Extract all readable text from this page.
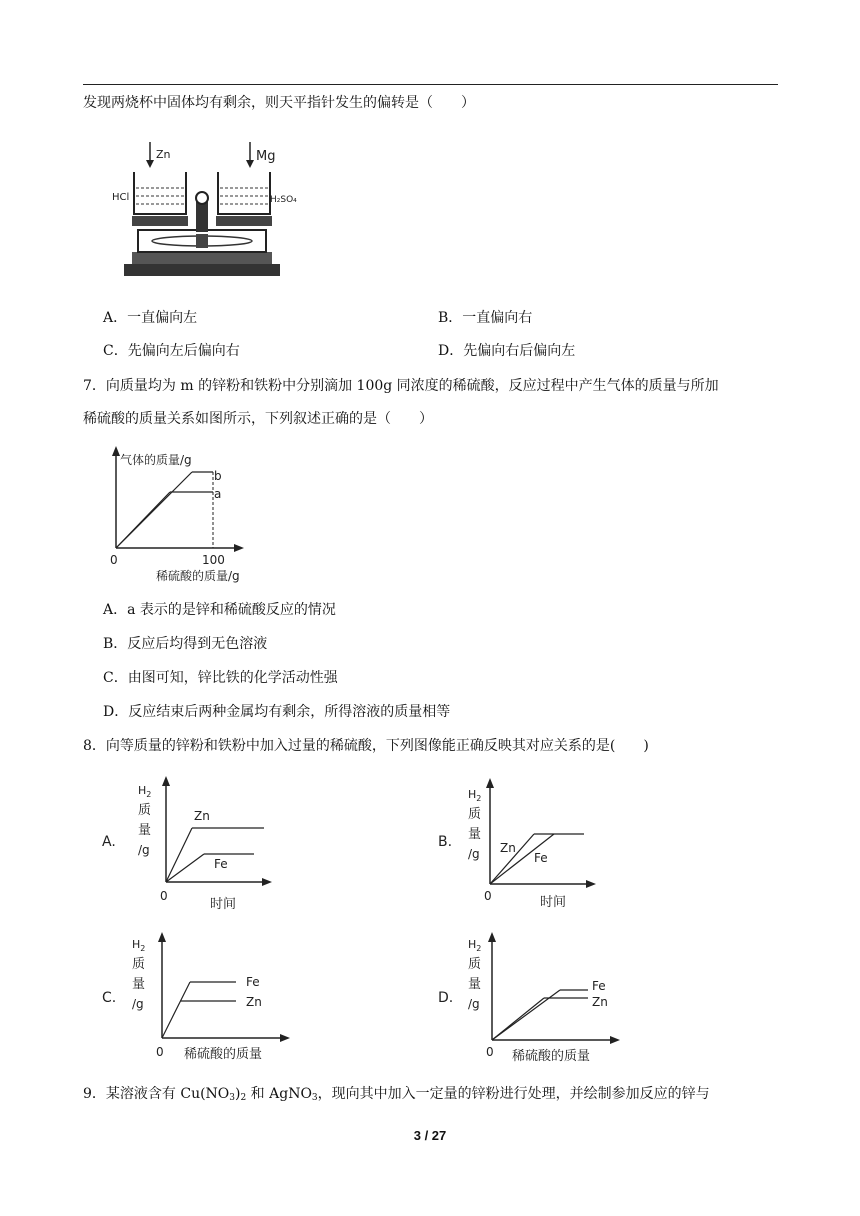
发现两烧杯中固体均有剩余，则天平指针发生的偏转是（　　）
Zn	Mg
HCl	H₂SO₄
A．一直偏向左	B．一直偏向右
C．先偏向左后偏向右	D．先偏向右后偏向左
7．向质量均为 m 的锌粉和铁粉中分别滴加 100g 同浓度的稀硫酸，反应过程中产生气体的质量与所加
稀硫酸的质量关系如图所示，下列叙述正确的是（　　）
气体的质量/g
b
a
0	100
稀硫酸的质量/g
A．a 表示的是锌和稀硫酸反应的情况
B．反应后均得到无色溶液
C．由图可知，锌比铁的化学活动性强
D．反应结束后两种金属均有剩余，所得溶液的质量相等
8．向等质量的锌粉和铁粉中加入过量的稀硫酸，下列图像能正确反映其对应关系的是(　　)
A.
$H_2$
质
量
/g
Zn
Fe
0
时间
B.
$H_2$
质
量
/g Zn
Fe
0	时间
C.
$H_2$
质
量
/g
Fe
Zn
0 稀硫酸的质量
D.
$H_2$
质
量
/g
Fe
Zn
0 稀硫酸的质量
9．某溶液含有 $Cu(NO_3)_2$ 和 AgNO$_3$，现向其中加入一定量的锌粉进行处理，并绘制参加反应的锌与
3 / 27
